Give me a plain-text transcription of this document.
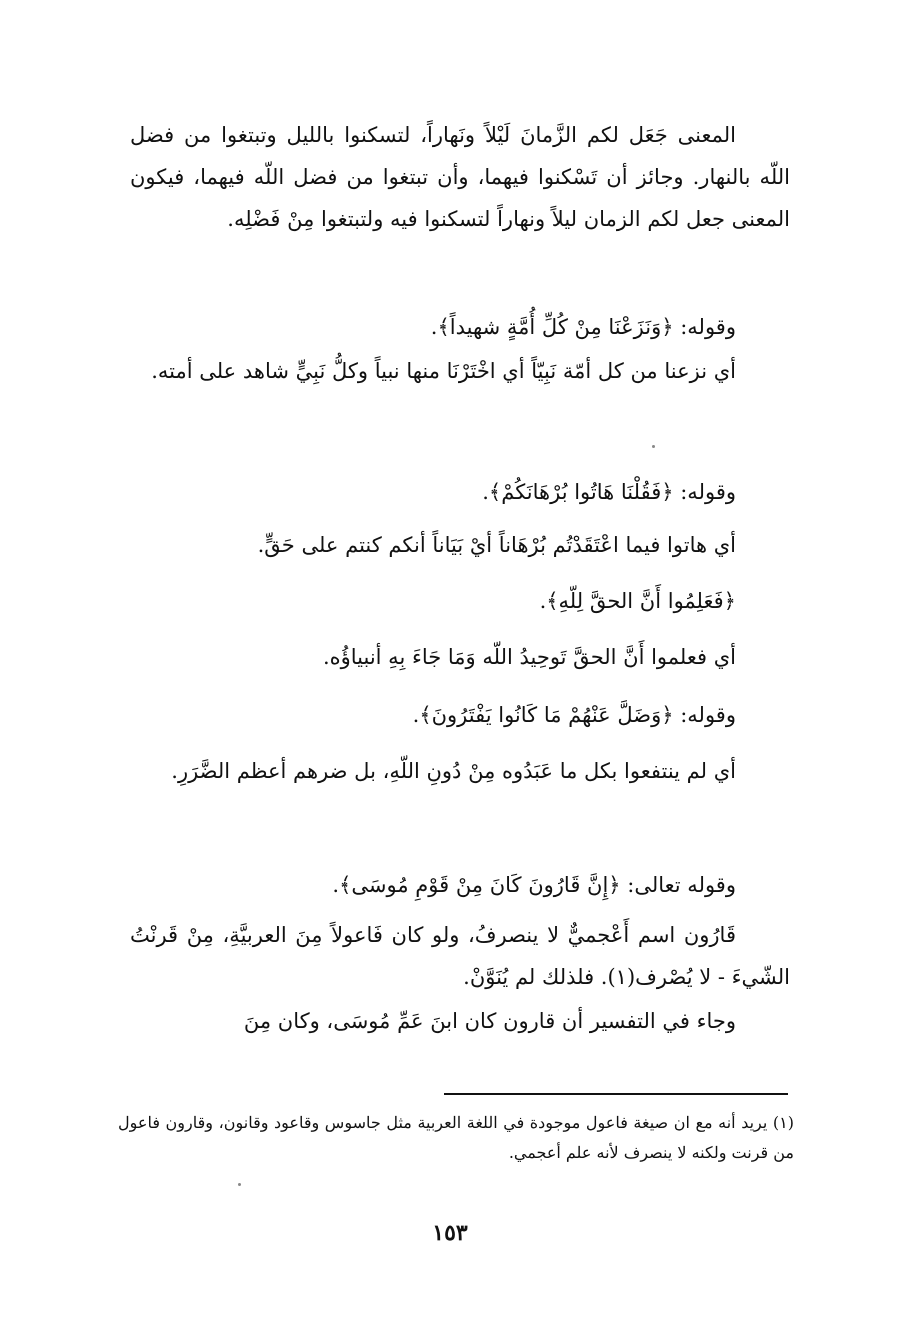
المعنى جَعَل لكم الزَّمانَ لَيْلاً ونَهاراً، لتسكنوا بالليل وتبتغوا من فضل اللّه بالنهار. وجائز أن تَسْكنوا فيهما، وأن تبتغوا من فضل اللّه فيهما، فيكون المعنى جعل لكم الزمان ليلاً ونهاراً لتسكنوا فيه ولتبتغوا مِنْ فَضْلِه.

وقوله: ﴿وَنَزَعْنَا مِنْ كُلِّ أُمَّةٍ شهيداً﴾.

أي نزعنا من كل أمّة نَبِيّاً أي اخْتَرْنَا منها نبياً وكلُّ نَبِيٍّ شاهد على أمته.

وقوله: ﴿فَقُلْنَا هَاتُوا بُرْهَانَكُمْ﴾.

أي هاتوا فيما اعْتَقَدْتُم بُرْهَاناً أيْ بَيَاناً أنكم كنتم على حَقٍّ.

﴿فَعَلِمُوا أَنَّ الحقَّ لِلّهِ﴾.

أي فعلموا أَنَّ الحقَّ تَوحِيدُ اللّه وَمَا جَاءَ بِهِ أنبياؤُه.

وقوله: ﴿وَضَلَّ عَنْهُمْ مَا كَانُوا يَفْتَرُونَ﴾.

أي لم ينتفعوا بكل ما عَبَدُوه مِنْ دُونِ اللّهِ، بل ضرهم أعظم الضَّرَرِ.

وقوله تعالى: ﴿إِنَّ قَارُونَ كَانَ مِنْ قَوْمِ مُوسَى﴾.

قَارُون اسم أَعْجميٌّ لا ينصرفُ، ولو كان فَاعولاً مِنَ العربيَّةِ، مِنْ قَرنْتُ الشّيءَ - لا يُصْرف(١). فلذلك لم يُنَوَّنْ.

وجاء في التفسير أن قارون كان ابنَ عَمِّ مُوسَى، وكان مِنَ

(١) يريد أنه مع ان صيغة فاعول موجودة في اللغة العربية مثل جاسوس وقاعود وقانون، وقارون فاعول من قرنت ولكنه لا ينصرف لأنه علم أعجمي.

١٥٣
